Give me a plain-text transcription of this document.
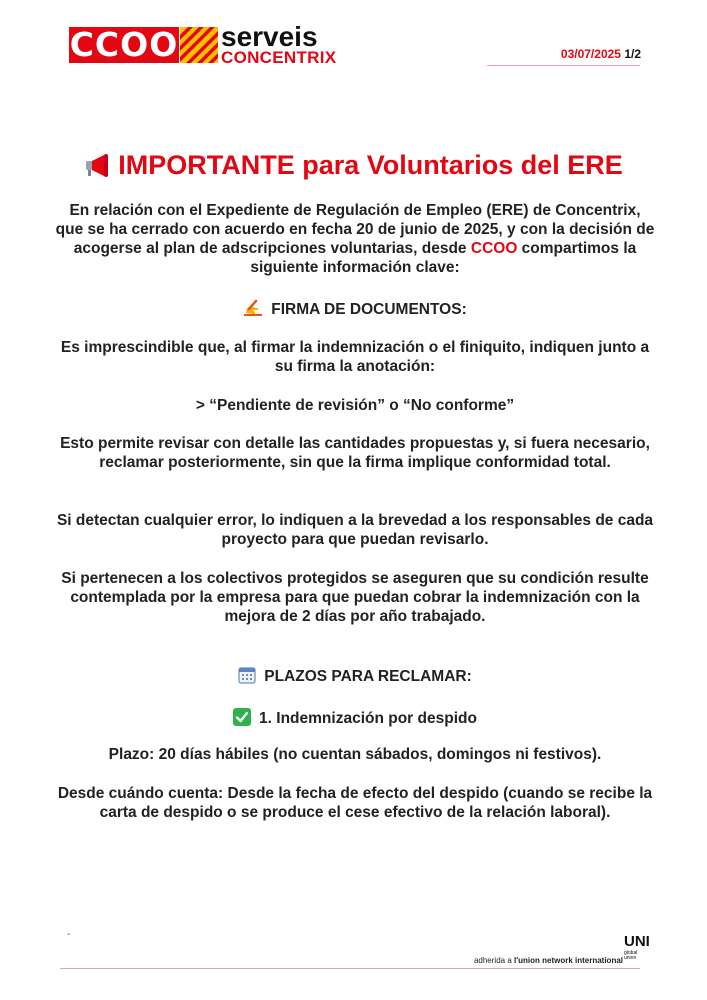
CCOO serveis
CONCENTRIX	03/07/2025 1/2
IMPORTANTE para Voluntarios del ERE
En relación con el Expediente de Regulación de Empleo (ERE) de Concentrix, que se ha cerrado con acuerdo en fecha 20 de junio de 2025, y con la decisión de acogerse al plan de adscripciones voluntarias, desde CCOO compartimos la siguiente información clave:
FIRMA DE DOCUMENTOS:
Es imprescindible que, al firmar la indemnización o el finiquito, indiquen junto a su firma la anotación:
> “Pendiente de revisión” o “No conforme”
Esto permite revisar con detalle las cantidades propuestas y, si fuera necesario, reclamar posteriormente, sin que la firma implique conformidad total.
Si detectan cualquier error, lo indiquen a la brevedad a los responsables de cada proyecto para que puedan revisarlo.
Si pertenecen a los colectivos protegidos se aseguren que su condición resulte contemplada por la empresa para que puedan cobrar la indemnización con la mejora de 2 días por año trabajado.
PLAZOS PARA RECLAMAR:
1. Indemnización por despido
Plazo: 20 días hábiles (no cuentan sábados, domingos ni festivos).
Desde cuándo cuenta: Desde la fecha de efecto del despido (cuando se recibe la carta de despido o se produce el cese efectivo de la relación laboral).
-
adherida a l'union network international
UNI
global union
